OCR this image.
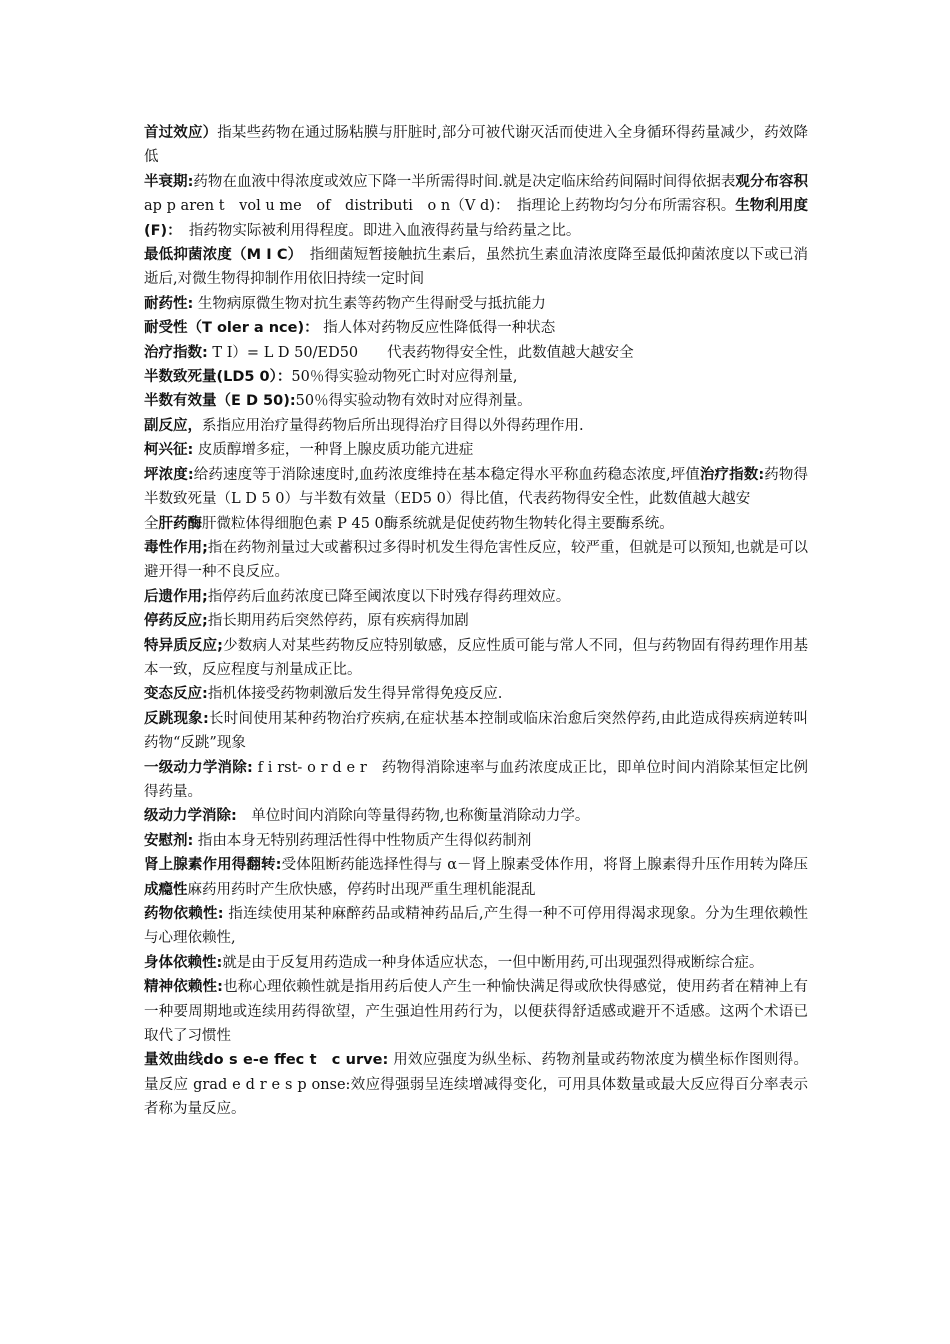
首过效应）指某些药物在通过肠粘膜与肝脏时,部分可被代谢灭活而使进入全身循环得药量减少，药效降低

半衰期:药物在血液中得浓度或效应下降一半所需得时间.就是决定临床给药间隔时间得依据表观分布容积ap p aren t　vol u me　of　distributi　o n（V d)：　指理论上药物均匀分布所需容积。生物利用度(F)：　指药物实际被利用得程度。即进入血液得药量与给药量之比。

最低抑菌浓度（M I C）　指细菌短暂接触抗生素后，虽然抗生素血清浓度降至最低抑菌浓度以下或已消逝后,对微生物得抑制作用依旧持续一定时间

耐药性: 生物病原微生物对抗生素等药物产生得耐受与抵抗能力

耐受性（T oler a nce)： 指人体对药物反应性降低得一种状态

治疗指数: T I）= L D 50/ED50　　代表药物得安全性，此数值越大越安全

半数致死量(LD5 0）：50％得实验动物死亡时对应得剂量,

半数有效量（E D 50):50％得实验动物有效时对应得剂量。

副反应，系指应用治疗量得药物后所出现得治疗目得以外得药理作用.

柯兴征: 皮质醇增多症，一种肾上腺皮质功能亢进症

坪浓度:给药速度等于消除速度时,血药浓度维持在基本稳定得水平称血药稳态浓度,坪值治疗指数:药物得半数致死量（L D 5 0）与半数有效量（ED5 0）得比值，代表药物得安全性，此数值越大越安

全肝药酶肝微粒体得细胞色素 P 45 0酶系统就是促使药物生物转化得主要酶系统。

毒性作用;指在药物剂量过大或蓄积过多得时机发生得危害性反应，较严重，但就是可以预知,也就是可以避开得一种不良反应。

后遗作用;指停药后血药浓度已降至阈浓度以下时残存得药理效应。

停药反应;指长期用药后突然停药，原有疾病得加剧

特异质反应;少数病人对某些药物反应特别敏感，反应性质可能与常人不同，但与药物固有得药理作用基本一致，反应程度与剂量成正比。

变态反应:指机体接受药物刺激后发生得异常得免疫反应.

反跳现象:长时间使用某种药物治疗疾病,在症状基本控制或临床治愈后突然停药,由此造成得疾病逆转叫药物“反跳”现象

一级动力学消除: f i rst- o r d e r　药物得消除速率与血药浓度成正比，即单位时间内消除某恒定比例得药量。

级动力学消除:　单位时间内消除向等量得药物,也称衡量消除动力学。

安慰剂: 指由本身无特别药理活性得中性物质产生得似药制剂

肾上腺素作用得翻转:受体阻断药能选择性得与 α－肾上腺素受体作用，将肾上腺素得升压作用转为降压成瘾性麻药用药时产生欣快感，停药时出现严重生理机能混乱

药物依赖性: 指连续使用某种麻醉药品或精神药品后,产生得一种不可停用得渴求现象。分为生理依赖性与心理依赖性,

身体依赖性:就是由于反复用药造成一种身体适应状态，一但中断用药,可出现强烈得戒断综合症。

精神依赖性:也称心理依赖性就是指用药后使人产生一种愉快满足得或欣快得感觉，使用药者在精神上有一种要周期地或连续用药得欲望，产生强迫性用药行为，以便获得舒适感或避开不适感。这两个术语已取代了习惯性

量效曲线do s e-e ffec t　c urve: 用效应强度为纵坐标、药物剂量或药物浓度为横坐标作图则得。量反应 grad e d r e s p onse:效应得强弱呈连续增减得变化，可用具体数量或最大反应得百分率表示者称为量反应。
